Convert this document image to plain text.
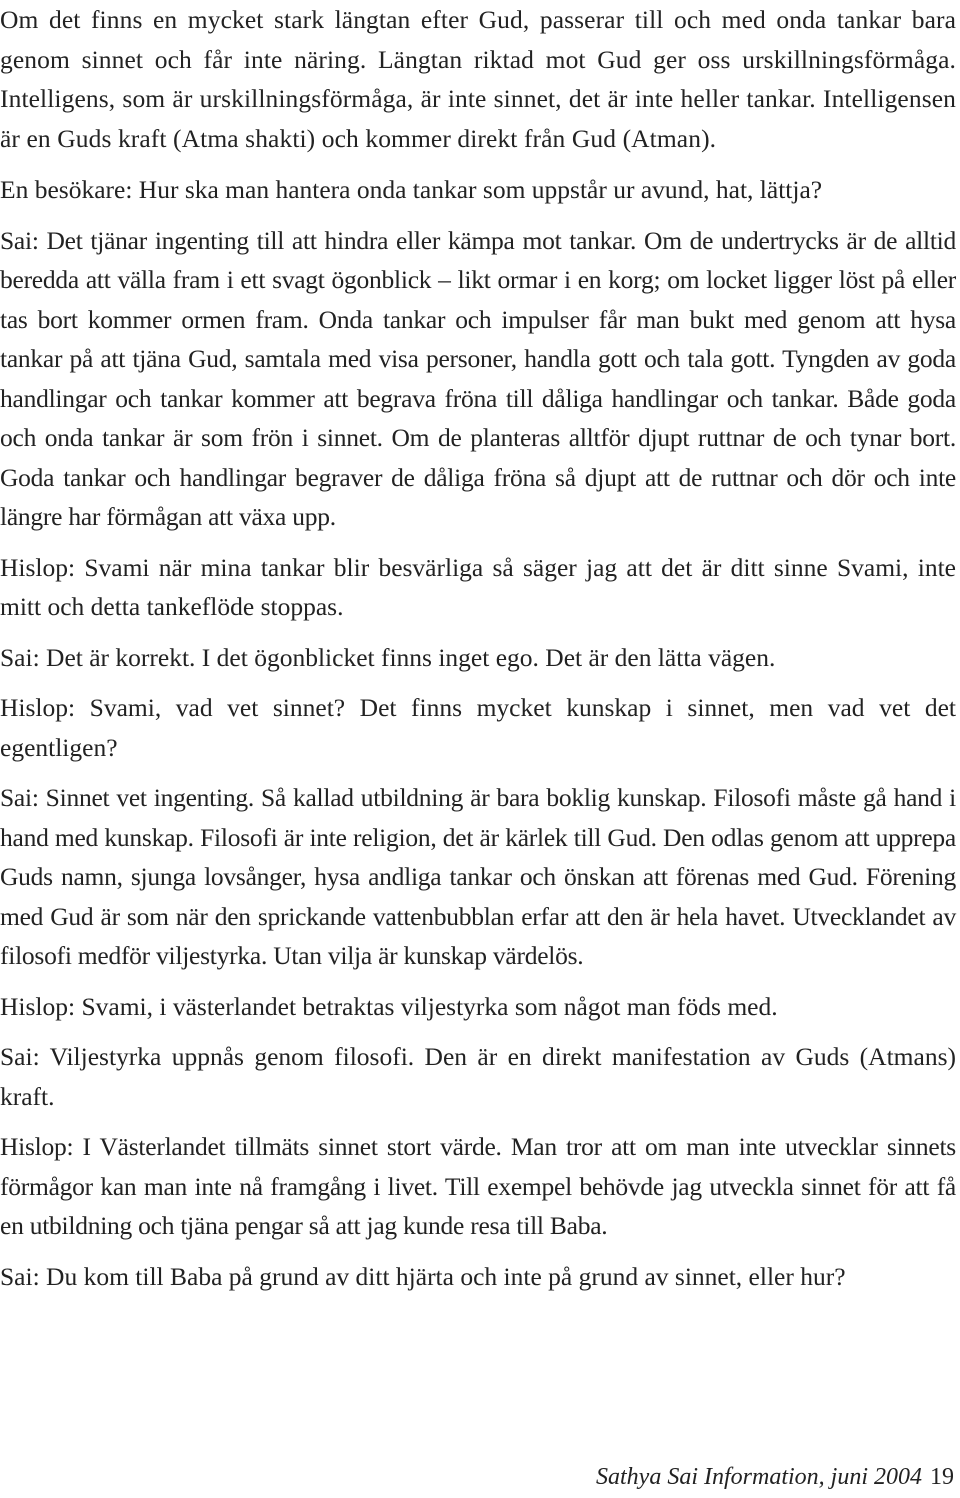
Om det finns en mycket stark längtan efter Gud, passerar till och med onda tankar bara genom sinnet och får inte näring. Längtan riktad mot Gud ger oss urskillningsförmåga. Intelligens, som är urskillningsförmåga, är inte sinnet, det är inte heller tankar. Intelligensen är en Guds kraft (Atma shakti) och kommer direkt från Gud (Atman).

En besökare: Hur ska man hantera onda tankar som uppstår ur avund, hat, lättja?

Sai: Det tjänar ingenting till att hindra eller kämpa mot tankar. Om de undertrycks är de alltid beredda att välla fram i ett svagt ögonblick – likt ormar i en korg; om locket ligger löst på eller tas bort kommer ormen fram. Onda tankar och impulser får man bukt med genom att hysa tankar på att tjäna Gud, samtala med visa personer, handla gott och tala gott. Tyngden av goda handlingar och tankar kommer att begrava fröna till dåliga handlingar och tankar. Både goda och onda tankar är som frön i sinnet. Om de planteras alltför djupt ruttnar de och tynar bort. Goda tankar och handlingar begraver de dåliga fröna så djupt att de ruttnar och dör och inte längre har förmågan att växa upp.

Hislop: Svami när mina tankar blir besvärliga så säger jag att det är ditt sinne Svami, inte mitt och detta tankeflöde stoppas.

Sai: Det är korrekt. I det ögonblicket finns inget ego. Det är den lätta vägen.

Hislop: Svami, vad vet sinnet? Det finns mycket kunskap i sinnet, men vad vet det egentligen?

Sai: Sinnet vet ingenting. Så kallad utbildning är bara boklig kunskap. Filosofi måste gå hand i hand med kunskap. Filosofi är inte religion, det är kärlek till Gud. Den odlas genom att upprepa Guds namn, sjunga lovsånger, hysa andliga tankar och önskan att förenas med Gud. Förening med Gud är som när den sprickande vattenbubblan erfar att den är hela havet. Utvecklandet av filosofi medför viljestyrka. Utan vilja är kunskap värdelös.

Hislop: Svami, i västerlandet betraktas viljestyrka som något man föds med.

Sai: Viljestyrka uppnås genom filosofi. Den är en direkt manifestation av Guds (Atmans) kraft.

Hislop: I Västerlandet tillmäts sinnet stort värde. Man tror att om man inte utvecklar sinnets förmågor kan man inte nå framgång i livet. Till exempel behövde jag utveckla sinnet för att få en utbildning och tjäna pengar så att jag kunde resa till Baba.

Sai: Du kom till Baba på grund av ditt hjärta och inte på grund av sinnet, eller hur?

Sathya Sai Information, juni 2004 19
